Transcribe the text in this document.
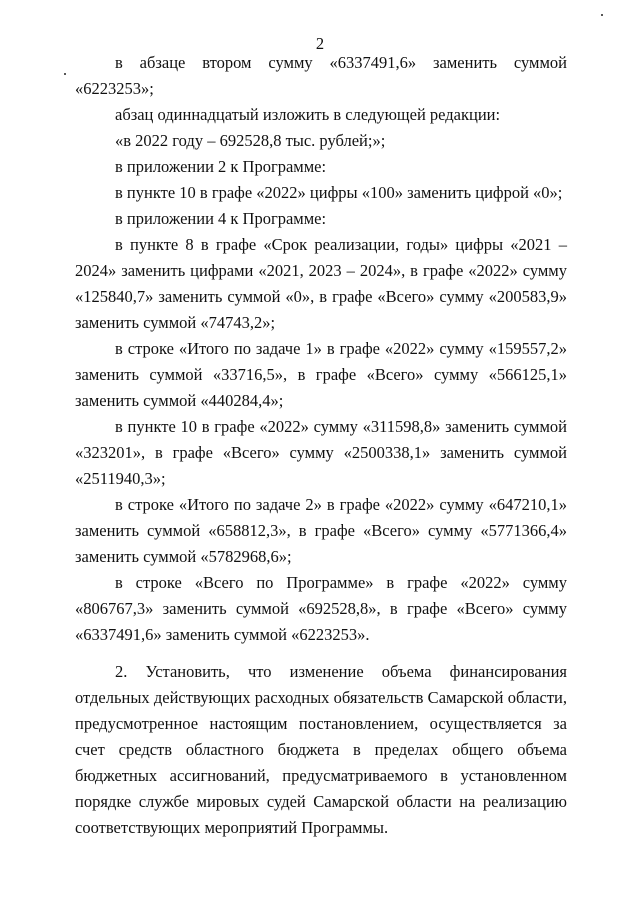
2

в абзаце втором сумму «6337491,6» заменить суммой «6223253»;

абзац одиннадцатый изложить в следующей редакции:

«в 2022 году – 692528,8 тыс. рублей;»;

в приложении 2 к Программе:

в пункте 10 в графе «2022» цифры «100» заменить цифрой «0»;

в приложении 4 к Программе:

в пункте 8 в графе «Срок реализации, годы» цифры «2021 – 2024» заменить цифрами «2021, 2023 – 2024», в графе «2022» сумму «125840,7» заменить суммой «0», в графе «Всего» сумму «200583,9» заменить суммой «74743,2»;

в строке «Итого по задаче 1» в графе «2022» сумму «159557,2» заменить суммой «33716,5», в графе «Всего» сумму «566125,1» заменить суммой «440284,4»;

в пункте 10 в графе «2022» сумму «311598,8» заменить суммой «323201», в графе «Всего» сумму «2500338,1» заменить суммой «2511940,3»;

в строке «Итого по задаче 2» в графе «2022» сумму «647210,1» заменить суммой «658812,3», в графе «Всего» сумму «5771366,4» заменить суммой «5782968,6»;

в строке «Всего по Программе» в графе «2022» сумму «806767,3» заменить суммой «692528,8», в графе «Всего» сумму «6337491,6» заменить суммой «6223253».

2. Установить, что изменение объема финансирования отдельных действующих расходных обязательств Самарской области, предусмотренное настоящим постановлением, осуществляется за счет средств областного бюджета в пределах общего объема бюджетных ассигнований, предусматриваемого в установленном порядке службе мировых судей Самарской области на реализацию соответствующих мероприятий Программы.
